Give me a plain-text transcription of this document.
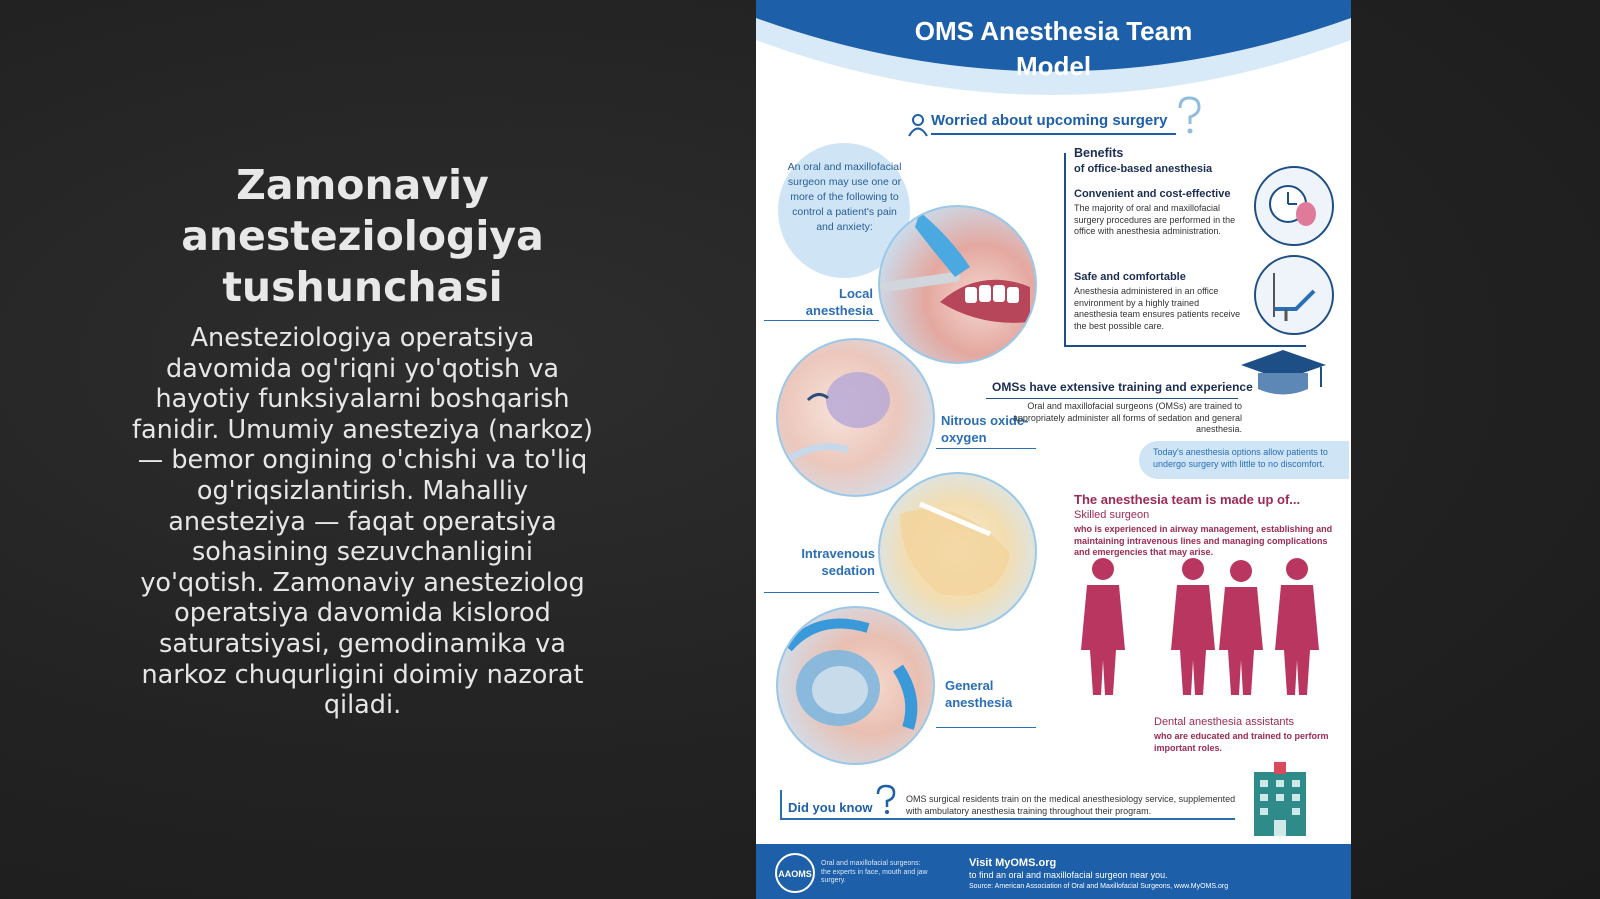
Zamonaviy anesteziologiya tushunchasi

Anesteziologiya operatsiya davomida og'riqni yo'qotish va hayotiy funksiyalarni boshqarish fanidir. Umumiy anesteziya (narkoz) — bemor ongining o'chishi va to'liq og'riqsizlantirish. Mahalliy anesteziya — faqat operatsiya sohasining sezuvchanligini yo'qotish. Zamonaviy anesteziolog operatsiya davomida kislorod saturatsiyasi, gemodinamika va narkoz chuqurligini doimiy nazorat qiladi.

OMS Anesthesia Team
Model
Worried about upcoming surgery
An oral and maxillofacial surgeon may use one or more of the following to control a patient's pain and anxiety:
Local anesthesia
Nitrous oxide-oxygen
Intravenous sedation
General anesthesia
Benefits
of office-based anesthesia
Convenient and cost-effective
The majority of oral and maxillofacial surgery procedures are performed in the office with anesthesia administration.
Safe and comfortable
Anesthesia administered in an office environment by a highly trained anesthesia team ensures patients receive the best possible care.
OMSs have extensive training and experience
Oral and maxillofacial surgeons (OMSs) are trained to appropriately administer all forms of sedation and general anesthesia.
Today's anesthesia options allow patients to undergo surgery with little to no discomfort.
The anesthesia team is made up of...
Skilled surgeon
who is experienced in airway management, establishing and maintaining intravenous lines and managing complications and emergencies that may arise.
Dental anesthesia assistants
who are educated and trained to perform important roles.
Did you know
OMS surgical residents train on the medical anesthesiology service, supplemented with ambulatory anesthesia training throughout their program.
AAOMS
Oral and maxillofacial surgeons: the experts in face, mouth and jaw surgery.
Visit MyOMS.org
to find an oral and maxillofacial surgeon near you.
Source: American Association of Oral and Maxillofacial Surgeons, www.MyOMS.org
